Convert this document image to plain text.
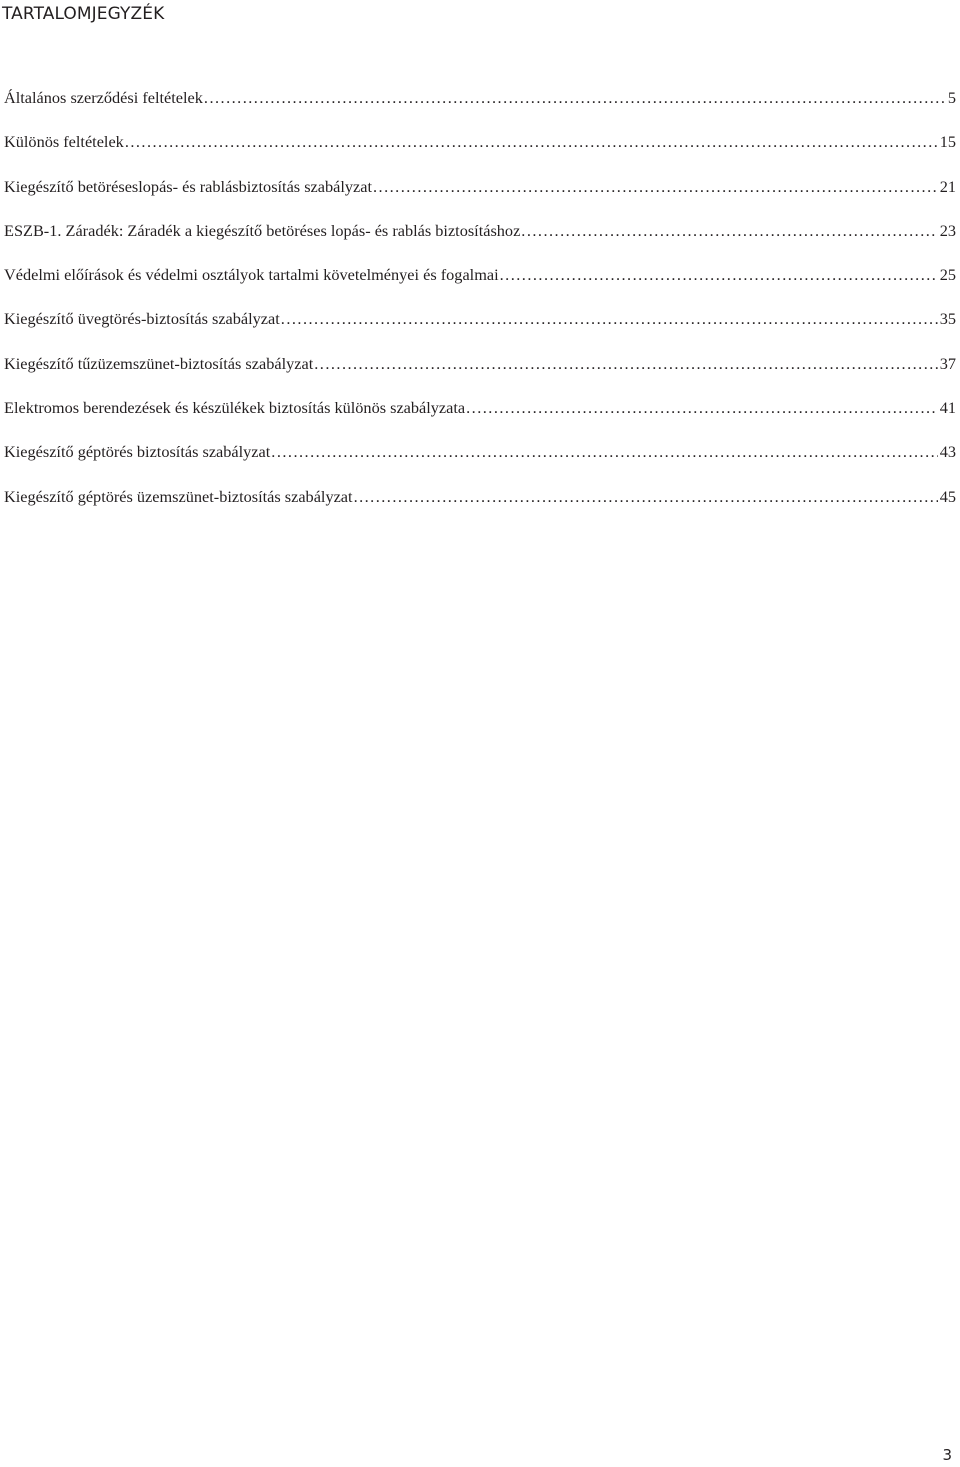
TARTALOMJEGYZÉK
Általános szerződési feltételek . . .	5
Különös feltételek . . .	15
Kiegészítő betöréseslopás- és rablásbiztosítás szabályzat . . .	21
ESZB-1. Záradék: Záradék a kiegészítő betöréses lopás- és rablás biztosításhoz . . .	23
Védelmi előírások és védelmi osztályok tartalmi követelményei és fogalmai . . .	25
Kiegészítő üvegtörés-biztosítás szabályzat . . .	35
Kiegészítő tűzüzemszünet-biztosítás szabályzat . . .	37
Elektromos berendezések és készülékek biztosítás különös szabályzata . . .	41
Kiegészítő géptörés biztosítás szabályzat . . .	43
Kiegészítő géptörés üzemszünet-biztosítás szabályzat . . .	45
3
